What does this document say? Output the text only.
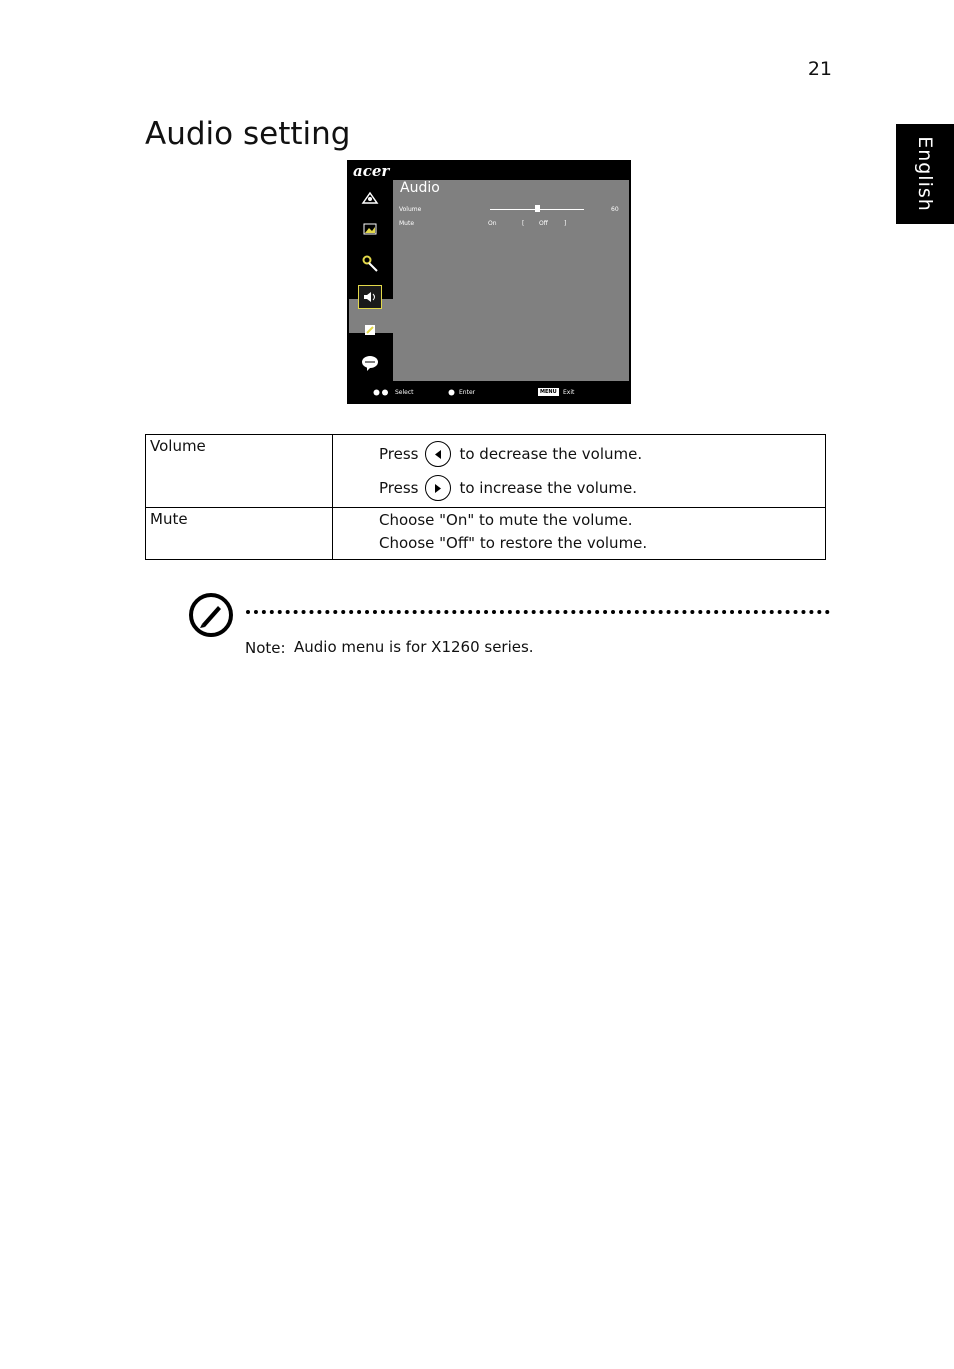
21
English
Audio setting
acer
Audio
Volume	60
Mute	On	[ Off	]
Select	Enter	MENU	Exit
Volume	Press to decrease the volume.
Press to increase the volume.

Mute	Choose "On" to mute the volume.
Choose "Off" to restore the volume.
Note: Audio menu is for X1260 series.
